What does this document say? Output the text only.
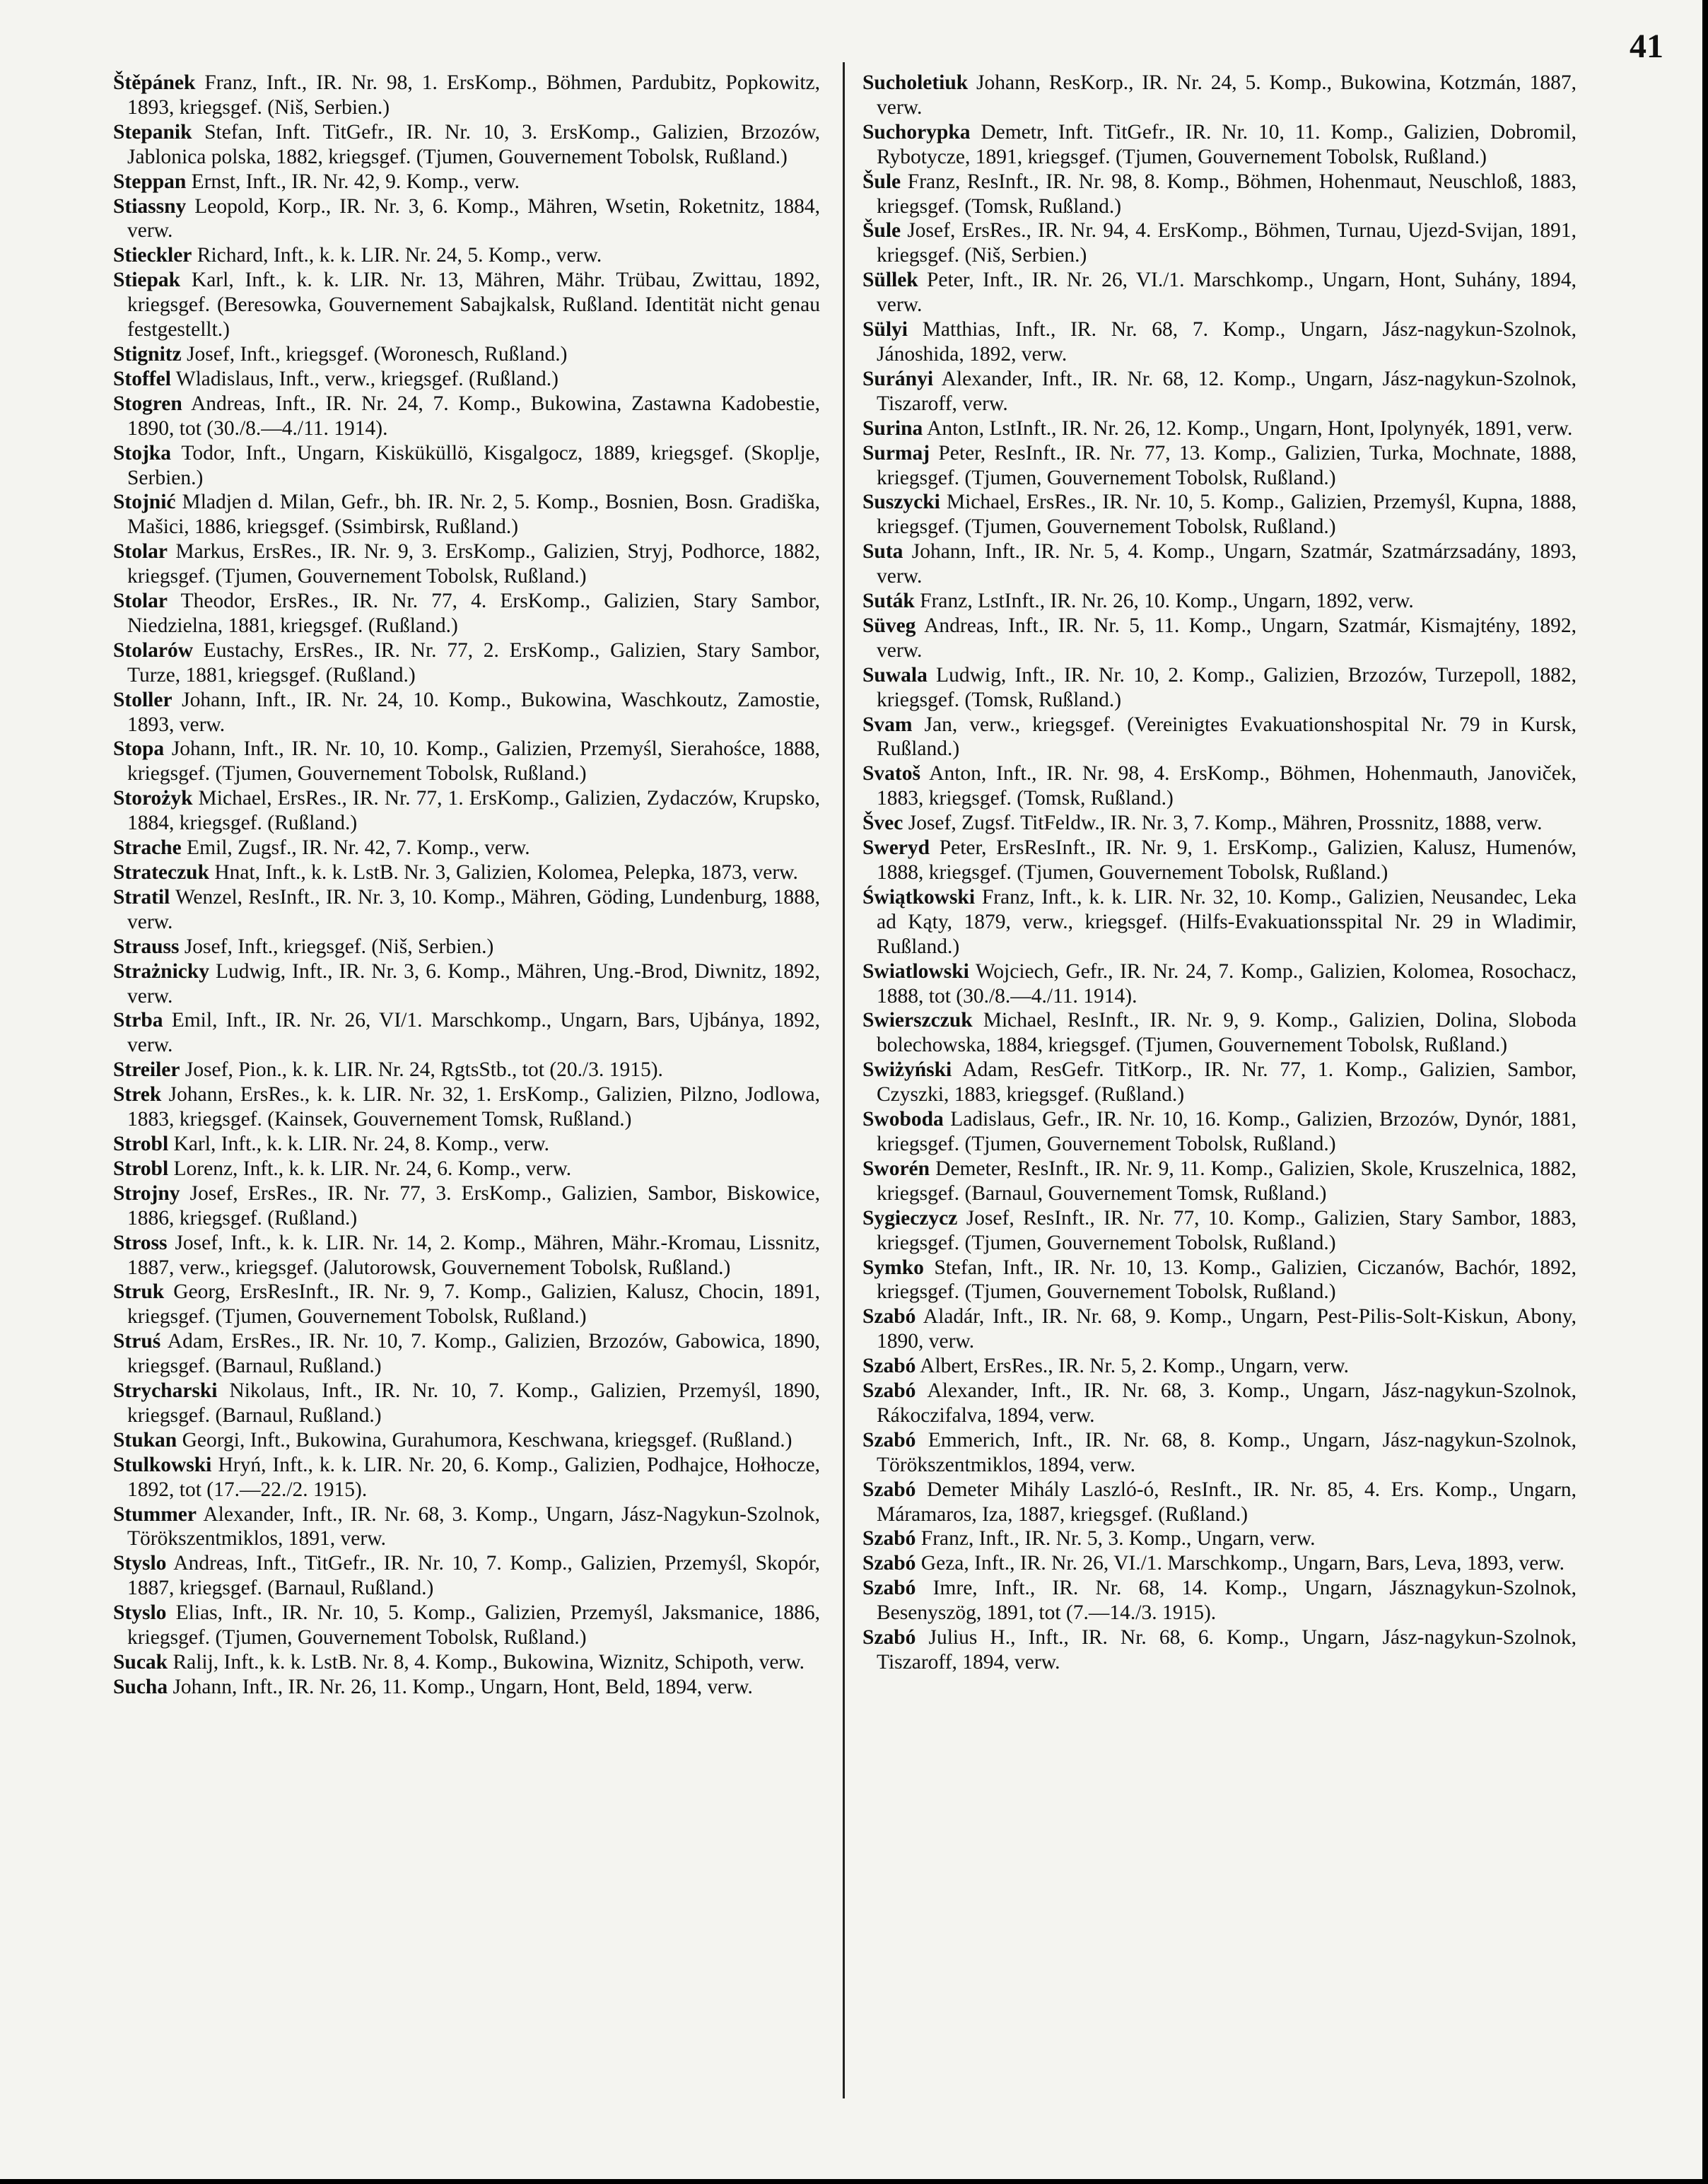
41
Štěpánek Franz, Inft., IR. Nr. 98, 1. ErsKomp., Böhmen, Pardubitz, Popkowitz, 1893, kriegsgef. (Niš, Serbien.)
Stepanik Stefan, Inft. TitGefr., IR. Nr. 10, 3. ErsKomp., Galizien, Brzozów, Jablonica polska, 1882, kriegsgef. (Tjumen, Gouvernement Tobolsk, Rußland.)
Steppan Ernst, Inft., IR. Nr. 42, 9. Komp., verw.
Stiassny Leopold, Korp., IR. Nr. 3, 6. Komp., Mähren, Wsetin, Roketnitz, 1884, verw.
Stieckler Richard, Inft., k. k. LIR. Nr. 24, 5. Komp., verw.
Stiepak Karl, Inft., k. k. LIR. Nr. 13, Mähren, Mähr. Trübau, Zwittau, 1892, kriegsgef. (Beresowka, Gouvernement Sabajkalsk, Rußland. Identität nicht genau festgestellt.)
Stignitz Josef, Inft., kriegsgef. (Woronesch, Rußland.)
Stoffel Wladislaus, Inft., verw., kriegsgef. (Rußland.)
Stogren Andreas, Inft., IR. Nr. 24, 7. Komp., Bukowina, Zastawna Kadobestie, 1890, tot (30./8.—4./11. 1914).
Stojka Todor, Inft., Ungarn, Kisküküllö, Kisgalgocz, 1889, kriegsgef. (Skoplje, Serbien.)
Stojnić Mladjen d. Milan, Gefr., bh. IR. Nr. 2, 5. Komp., Bosnien, Bosn. Gradiška, Mašici, 1886, kriegsgef. (Ssimbirsk, Rußland.)
Stolar Markus, ErsRes., IR. Nr. 9, 3. ErsKomp., Galizien, Stryj, Podhorce, 1882, kriegsgef. (Tjumen, Gouvernement Tobolsk, Rußland.)
Stolar Theodor, ErsRes., IR. Nr. 77, 4. ErsKomp., Galizien, Stary Sambor, Niedzielna, 1881, kriegsgef. (Rußland.)
Stolarów Eustachy, ErsRes., IR. Nr. 77, 2. ErsKomp., Galizien, Stary Sambor, Turze, 1881, kriegsgef. (Rußland.)
Stoller Johann, Inft., IR. Nr. 24, 10. Komp., Bukowina, Waschkoutz, Zamostie, 1893, verw.
Stopa Johann, Inft., IR. Nr. 10, 10. Komp., Galizien, Przemyśl, Sierahośce, 1888, kriegsgef. (Tjumen, Gouvernement Tobolsk, Rußland.)
Storożyk Michael, ErsRes., IR. Nr. 77, 1. ErsKomp., Galizien, Zydaczów, Krupsko, 1884, kriegsgef. (Rußland.)
Strache Emil, Zugsf., IR. Nr. 42, 7. Komp., verw.
Strateczuk Hnat, Inft., k. k. LstB. Nr. 3, Galizien, Kolomea, Pelepka, 1873, verw.
Stratil Wenzel, ResInft., IR. Nr. 3, 10. Komp., Mähren, Göding, Lundenburg, 1888, verw.
Strauss Josef, Inft., kriegsgef. (Niš, Serbien.)
Strażnicky Ludwig, Inft., IR. Nr. 3, 6. Komp., Mähren, Ung.-Brod, Diwnitz, 1892, verw.
Strba Emil, Inft., IR. Nr. 26, VI/1. Marschkomp., Ungarn, Bars, Ujbánya, 1892, verw.
Streiler Josef, Pion., k. k. LIR. Nr. 24, RgtsStb., tot (20./3. 1915).
Strek Johann, ErsRes., k. k. LIR. Nr. 32, 1. ErsKomp., Galizien, Pilzno, Jodlowa, 1883, kriegsgef. (Kainsek, Gouvernement Tomsk, Rußland.)
Strobl Karl, Inft., k. k. LIR. Nr. 24, 8. Komp., verw.
Strobl Lorenz, Inft., k. k. LIR. Nr. 24, 6. Komp., verw.
Strojny Josef, ErsRes., IR. Nr. 77, 3. ErsKomp., Galizien, Sambor, Biskowice, 1886, kriegsgef. (Rußland.)
Stross Josef, Inft., k. k. LIR. Nr. 14, 2. Komp., Mähren, Mähr.-Kromau, Lissnitz, 1887, verw., kriegsgef. (Jalutorowsk, Gouvernement Tobolsk, Rußland.)
Struk Georg, ErsResInft., IR. Nr. 9, 7. Komp., Galizien, Kalusz, Chocin, 1891, kriegsgef. (Tjumen, Gouvernement Tobolsk, Rußland.)
Struś Adam, ErsRes., IR. Nr. 10, 7. Komp., Galizien, Brzozów, Gabowica, 1890, kriegsgef. (Barnaul, Rußland.)
Strycharski Nikolaus, Inft., IR. Nr. 10, 7. Komp., Galizien, Przemyśl, 1890, kriegsgef. (Barnaul, Rußland.)
Stukan Georgi, Inft., Bukowina, Gurahumora, Keschwana, kriegsgef. (Rußland.)
Stulkowski Hryń, Inft., k. k. LIR. Nr. 20, 6. Komp., Galizien, Podhajce, Hołhocze, 1892, tot (17.—22./2. 1915).
Stummer Alexander, Inft., IR. Nr. 68, 3. Komp., Ungarn, Jász-Nagykun-Szolnok, Törökszentmiklos, 1891, verw.
Styslo Andreas, Inft., TitGefr., IR. Nr. 10, 7. Komp., Galizien, Przemyśl, Skopór, 1887, kriegsgef. (Barnaul, Rußland.)
Styslo Elias, Inft., IR. Nr. 10, 5. Komp., Galizien, Przemyśl, Jaksmanice, 1886, kriegsgef. (Tjumen, Gouvernement Tobolsk, Rußland.)
Sucak Ralij, Inft., k. k. LstB. Nr. 8, 4. Komp., Bukowina, Wiznitz, Schipoth, verw.
Sucha Johann, Inft., IR. Nr. 26, 11. Komp., Ungarn, Hont, Beld, 1894, verw.
Sucholetiuk Johann, ResKorp., IR. Nr. 24, 5. Komp., Bukowina, Kotzmán, 1887, verw.
Suchorypka Demetr, Inft. TitGefr., IR. Nr. 10, 11. Komp., Galizien, Dobromil, Rybotycze, 1891, kriegsgef. (Tjumen, Gouvernement Tobolsk, Rußland.)
Šule Franz, ResInft., IR. Nr. 98, 8. Komp., Böhmen, Hohenmaut, Neuschloß, 1883, kriegsgef. (Tomsk, Rußland.)
Šule Josef, ErsRes., IR. Nr. 94, 4. ErsKomp., Böhmen, Turnau, Ujezd-Svijan, 1891, kriegsgef. (Niš, Serbien.)
Süllek Peter, Inft., IR. Nr. 26, VI./1. Marschkomp., Ungarn, Hont, Suhány, 1894, verw.
Sülyi Matthias, Inft., IR. Nr. 68, 7. Komp., Ungarn, Jász-nagykun-Szolnok, Jánoshida, 1892, verw.
Surányi Alexander, Inft., IR. Nr. 68, 12. Komp., Ungarn, Jász-nagykun-Szolnok, Tiszaroff, verw.
Surina Anton, LstInft., IR. Nr. 26, 12. Komp., Ungarn, Hont, Ipolynyék, 1891, verw.
Surmaj Peter, ResInft., IR. Nr. 77, 13. Komp., Galizien, Turka, Mochnate, 1888, kriegsgef. (Tjumen, Gouvernement Tobolsk, Rußland.)
Suszycki Michael, ErsRes., IR. Nr. 10, 5. Komp., Galizien, Przemyśl, Kupna, 1888, kriegsgef. (Tjumen, Gouvernement Tobolsk, Rußland.)
Suta Johann, Inft., IR. Nr. 5, 4. Komp., Ungarn, Szatmár, Szatmárzsadány, 1893, verw.
Suták Franz, LstInft., IR. Nr. 26, 10. Komp., Ungarn, 1892, verw.
Süveg Andreas, Inft., IR. Nr. 5, 11. Komp., Ungarn, Szatmár, Kismajtény, 1892, verw.
Suwala Ludwig, Inft., IR. Nr. 10, 2. Komp., Galizien, Brzozów, Turzepoll, 1882, kriegsgef. (Tomsk, Rußland.)
Svam Jan, verw., kriegsgef. (Vereinigtes Evakuationshospital Nr. 79 in Kursk, Rußland.)
Svatoš Anton, Inft., IR. Nr. 98, 4. ErsKomp., Böhmen, Hohenmauth, Janoviček, 1883, kriegsgef. (Tomsk, Rußland.)
Švec Josef, Zugsf. TitFeldw., IR. Nr. 3, 7. Komp., Mähren, Prossnitz, 1888, verw.
Sweryd Peter, ErsResInft., IR. Nr. 9, 1. ErsKomp., Galizien, Kalusz, Humenów, 1888, kriegsgef. (Tjumen, Gouvernement Tobolsk, Rußland.)
Świątkowski Franz, Inft., k. k. LIR. Nr. 32, 10. Komp., Galizien, Neusandec, Leka ad Kąty, 1879, verw., kriegsgef. (Hilfs-Evakuationsspital Nr. 29 in Wladimir, Rußland.)
Swiatlowski Wojciech, Gefr., IR. Nr. 24, 7. Komp., Galizien, Kolomea, Rosochacz, 1888, tot (30./8.—4./11. 1914).
Swierszczuk Michael, ResInft., IR. Nr. 9, 9. Komp., Galizien, Dolina, Sloboda bolechowska, 1884, kriegsgef. (Tjumen, Gouvernement Tobolsk, Rußland.)
Swiżyński Adam, ResGefr. TitKorp., IR. Nr. 77, 1. Komp., Galizien, Sambor, Czyszki, 1883, kriegsgef. (Rußland.)
Swoboda Ladislaus, Gefr., IR. Nr. 10, 16. Komp., Galizien, Brzozów, Dynór, 1881, kriegsgef. (Tjumen, Gouvernement Tobolsk, Rußland.)
Sworén Demeter, ResInft., IR. Nr. 9, 11. Komp., Galizien, Skole, Kruszelnica, 1882, kriegsgef. (Barnaul, Gouvernement Tomsk, Rußland.)
Sygieczycz Josef, ResInft., IR. Nr. 77, 10. Komp., Galizien, Stary Sambor, 1883, kriegsgef. (Tjumen, Gouvernement Tobolsk, Rußland.)
Symko Stefan, Inft., IR. Nr. 10, 13. Komp., Galizien, Ciczanów, Bachór, 1892, kriegsgef. (Tjumen, Gouvernement Tobolsk, Rußland.)
Szabó Aladár, Inft., IR. Nr. 68, 9. Komp., Ungarn, Pest-Pilis-Solt-Kiskun, Abony, 1890, verw.
Szabó Albert, ErsRes., IR. Nr. 5, 2. Komp., Ungarn, verw.
Szabó Alexander, Inft., IR. Nr. 68, 3. Komp., Ungarn, Jász-nagykun-Szolnok, Rákoczifalva, 1894, verw.
Szabó Emmerich, Inft., IR. Nr. 68, 8. Komp., Ungarn, Jász-nagykun-Szolnok, Törökszentmiklos, 1894, verw.
Szabó Demeter Mihály Laszló-ó, ResInft., IR. Nr. 85, 4. Ers. Komp., Ungarn, Máramaros, Iza, 1887, kriegsgef. (Rußland.)
Szabó Franz, Inft., IR. Nr. 5, 3. Komp., Ungarn, verw.
Szabó Geza, Inft., IR. Nr. 26, VI./1. Marschkomp., Ungarn, Bars, Leva, 1893, verw.
Szabó Imre, Inft., IR. Nr. 68, 14. Komp., Ungarn, Jásznagykun-Szolnok, Besenyszög, 1891, tot (7.—14./3. 1915).
Szabó Julius H., Inft., IR. Nr. 68, 6. Komp., Ungarn, Jász-nagykun-Szolnok, Tiszaroff, 1894, verw.
